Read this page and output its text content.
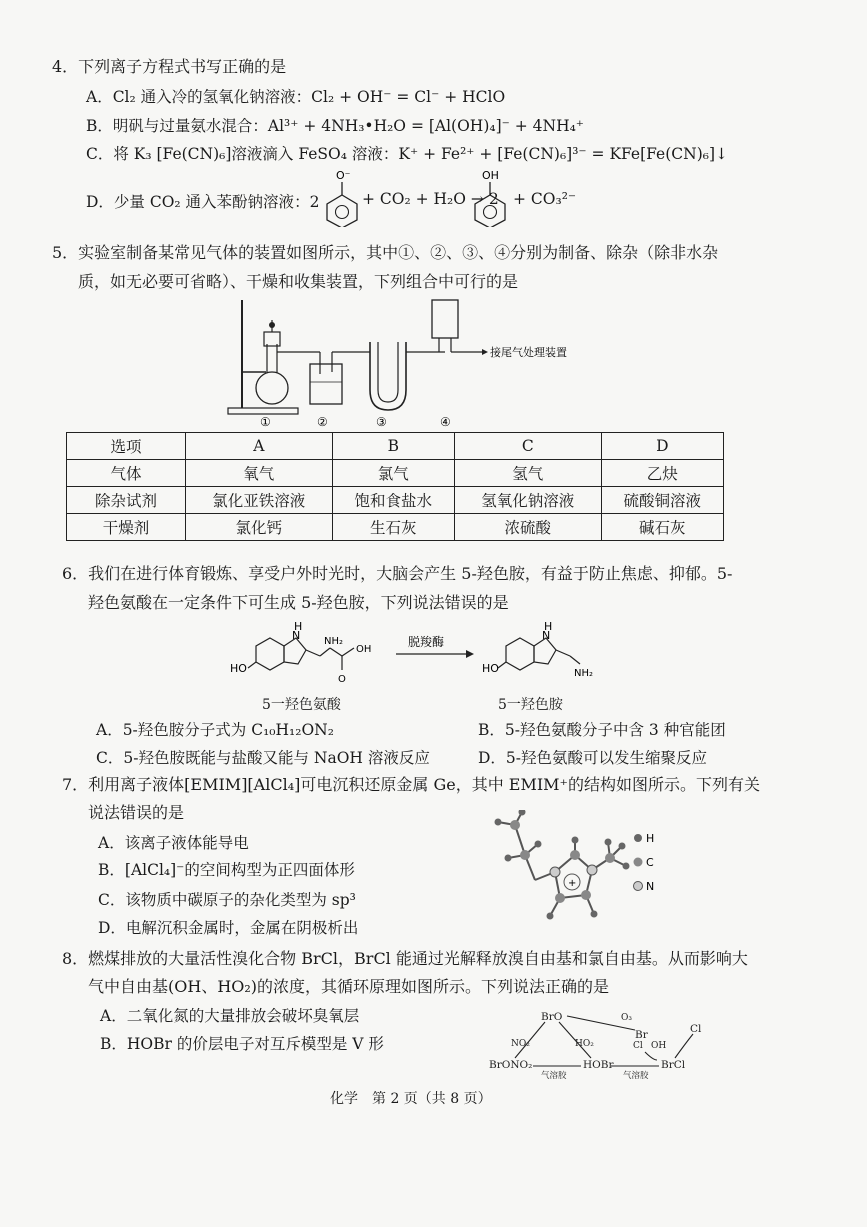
4．下列离子方程式书写正确的是
A．Cl₂ 通入冷的氢氧化钠溶液：Cl₂ + OH⁻ = Cl⁻ + HClO
B．明矾与过量氨水混合：Al³⁺ + 4NH₃•H₂O = [Al(OH)₄]⁻ + 4NH₄⁺
C．将 K₃ [Fe(CN)₆]溶液滴入 FeSO₄ 溶液：K⁺ + Fe²⁺ + [Fe(CN)₆]³⁻ = KFe[Fe(CN)₆]↓
D．少量 CO₂ 通入苯酚钠溶液：2
O⁻	OH
+ CO₂ + H₂O → 2 + CO₃²⁻
5．实验室制备某常见气体的装置如图所示，其中①、②、③、④分别为制备、除杂（除非水杂
质，如无必要可省略）、干燥和收集装置，下列组合中可行的是
接尾气处理装置
①	②	③	④
选项	A	B	C	D
气体	氧气	氯气	氢气	乙炔
除杂试剂	氯化亚铁溶液	饱和食盐水	氢氧化钠溶液	硫酸铜溶液
干燥剂	氯化钙	生石灰	浓硫酸	碱石灰
6．我们在进行体育锻炼、享受户外时光时，大脑会产生 5-羟色胺，有益于防止焦虑、抑郁。5-
羟色氨酸在一定条件下可生成 5-羟色胺，下列说法错误的是
H
N
HO
NH₂
OH
O
脱羧酶
H
N
HO	NH₂
5一羟色氨酸	5一羟色胺
A．5-羟色胺分子式为 C₁₀H₁₂ON₂	B．5-羟色氨酸分子中含 3 种官能团
C．5-羟色胺既能与盐酸又能与 NaOH 溶液反应	D．5-羟色氨酸可以发生缩聚反应
7．利用离子液体[EMIM][AlCl₄]可电沉积还原金属 Ge，其中 EMIM⁺的结构如图所示。下列有关
说法错误的是
A．该离子液体能导电
B．[AlCl₄]⁻的空间构型为正四面体形
C．该物质中碳原子的杂化类型为 sp³
D．电解沉积金属时，金属在阴极析出
+
H
C
N
8．燃煤排放的大量活性溴化合物 BrCl，BrCl 能通过光解释放溴自由基和氯自由基。从而影响大
气中自由基(OH、HO₂)的浓度，其循环原理如图所示。下列说法正确的是
A．二氧化氮的大量排放会破坏臭氧层
B．HOBr 的价层电子对互斥模型是 V 形
BrO	O₃
Br	Cl
NO₂	HO₂	Cl OH
BrONO₂	HOBr	BrCl
气溶胶	气溶胶
化学 第 2 页（共 8 页）
